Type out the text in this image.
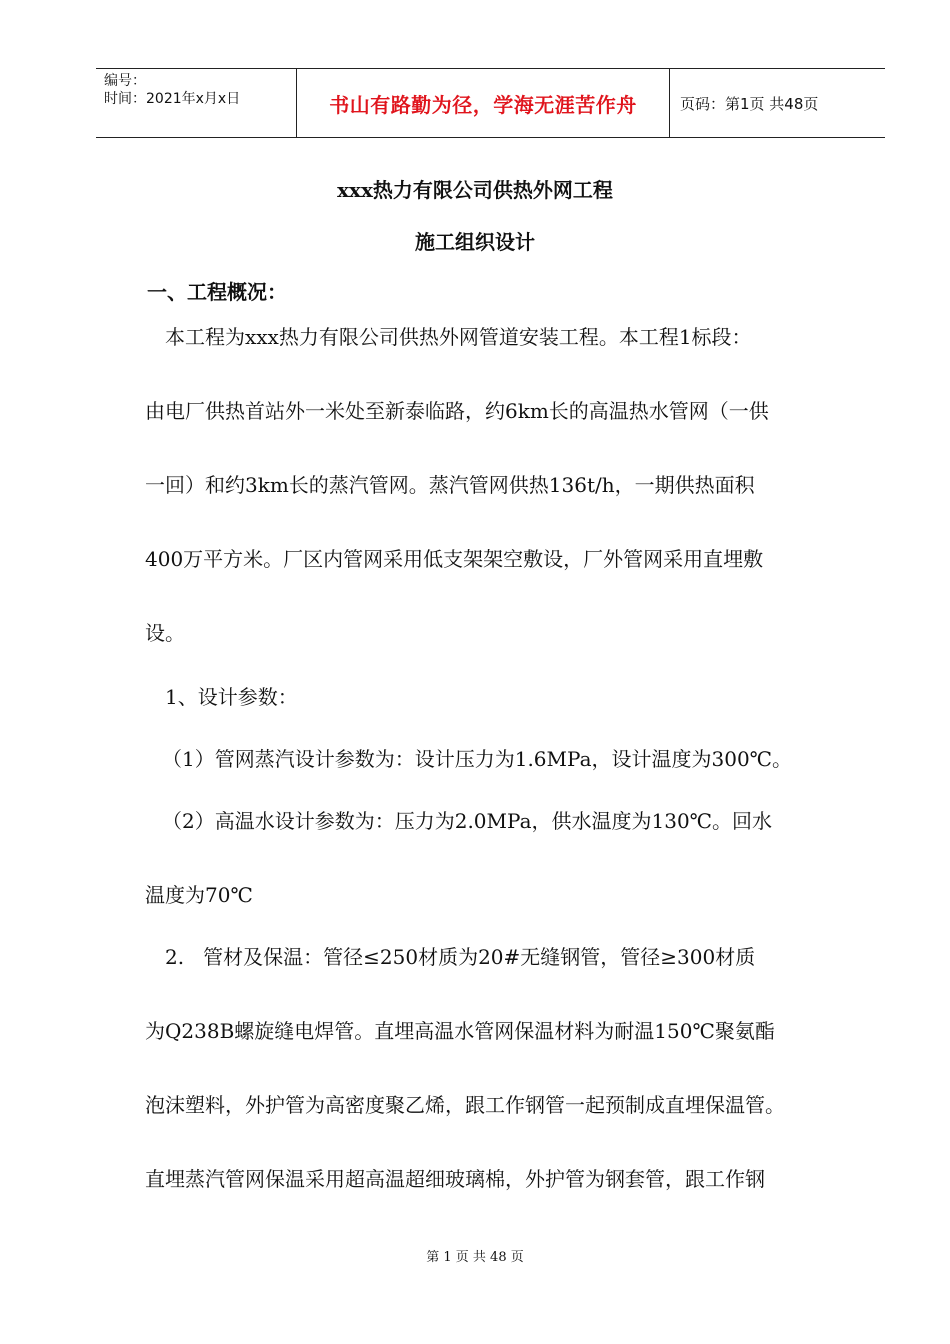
编号：
时间：2021年x月x日	书山有路勤为径，学海无涯苦作舟	页码：第1页 共48页
xxx热力有限公司供热外网工程
施工组织设计
一、工程概况：
本工程为xxx热力有限公司供热外网管道安装工程。本工程1标段：
由电厂供热首站外一米处至新泰临路，约6km长的高温热水管网（一供
一回）和约3km长的蒸汽管网。蒸汽管网供热136t/h，一期供热面积
400万平方米。厂区内管网采用低支架架空敷设，厂外管网采用直埋敷
设。
1、设计参数：
（1）管网蒸汽设计参数为：设计压力为1.6MPa，设计温度为300℃。
（2）高温水设计参数为：压力为2.0MPa，供水温度为130℃。回水
温度为70℃
2.   管材及保温：管径≤250材质为20#无缝钢管，管径≥300材质
为Q238B螺旋缝电焊管。直埋高温水管网保温材料为耐温150℃聚氨酯
泡沫塑料，外护管为高密度聚乙烯，跟工作钢管一起预制成直埋保温管。
直埋蒸汽管网保温采用超高温超细玻璃棉，外护管为钢套管，跟工作钢
第 1 页 共 48 页
